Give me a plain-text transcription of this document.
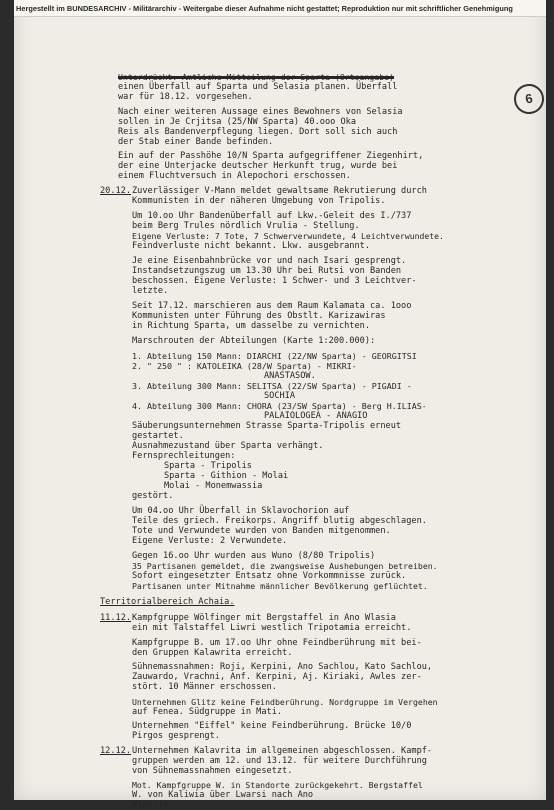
Hergestellt im BUNDESARCHIV - Militärarchiv - Weitergabe dieser Aufnahme nicht gestattet; Reproduktion nur mit schriftlicher Genehmigung
6
Unterdrückt: Amtliche Mitteilung der Sparta (Ortsangabe)
einen Überfall auf Sparta und Selasia planen. Überfall
war für 18.12. vorgesehen.
Nach einer weiteren Aussage eines Bewohners von Selasia
sollen in Je Crjitsa (25/NW Sparta) 40.ooo Oka
Reis als Bandenverpflegung liegen. Dort soll sich auch
der Stab einer Bande befinden.
Ein auf der Passhöhe 10/N Sparta aufgegriffener Ziegenhirt,
der eine Unterjacke deutscher Herkunft trug, wurde bei
einem Fluchtversuch in Alepochori erschossen.
20.12. Zuverlässiger V-Mann meldet gewaltsame Rekrutierung durch
Kommunisten in der näheren Umgebung von Tripolis.
Um 10.oo Uhr Bandenüberfall auf Lkw.-Geleit des I./737
beim Berg Trules nördlich Vrulia - Stellung.
Eigene Verluste: 7 Tote, 7 Schwerverwundete, 4 Leichtverwundete.
Feindverluste nicht bekannt. Lkw. ausgebrannt.
Je eine Eisenbahnbrücke vor und nach Isari gesprengt.
Instandsetzungszug um 13.30 Uhr bei Rutsi von Banden
beschossen. Eigene Verluste: 1 Schwer- und 3 Leichtver-
letzte.
Seit 17.12. marschieren aus dem Raum Kalamata ca. 1ooo
Kommunisten unter Führung des Obstlt. Karizawiras
in Richtung Sparta, um dasselbe zu vernichten.
Marschrouten der Abteilungen (Karte 1:200.000):
1. Abteilung 150 Mann: DIARCHI (22/NW Sparta) - GEORGITSI
2. " 250 " : KATOLEIKA (28/W Sparta) - MIKRI-
ANASTASOW.
3. Abteilung 300 Mann: SELITSA (22/SW Sparta) - PIGADI -
SOCHIA
4. Abteilung 300 Mann: CHORA (23/SW Sparta) - Berg H.ILIAS-
PALAIOLOGEA - ANAGIO
Säuberungsunternehmen Strasse Sparta-Tripolis erneut
gestartet.
Ausnahmezustand über Sparta verhängt.
Fernsprechleitungen:
Sparta - Tripolis
Sparta - Githion - Molai
Molai - Monemwassia
gestört.
Um 04.oo Uhr Überfall in Sklavochorion auf
Teile des griech. Freikorps. Angriff blutig abgeschlagen.
Tote und Verwundete wurden von Banden mitgenommen.
Eigene Verluste: 2 Verwundete.
Gegen 16.oo Uhr wurden aus Wuno (8/80 Tripolis)
35 Partisanen gemeldet, die zwangsweise Aushebungen betreiben.
Sofort eingesetzter Entsatz ohne Vorkommnisse zurück.
Partisanen unter Mitnahme männlicher Bevölkerung geflüchtet.
Territorialbereich Achaia.
11.12. Kampfgruppe Wölfinger mit Bergstaffel in Ano Wlasia
ein mit Talstaffel Liwri westlich Tripotamia erreicht.
Kampfgruppe B. um 17.oo Uhr ohne Feindberührung mit bei-
den Gruppen Kalawrita erreicht.
Sühnemassnahmen: Roji, Kerpini, Ano Sachlou, Kato Sachlou,
Zauwardo, Vrachni, Anf. Kerpini, Aj. Kiriaki, Awles zer-
stört. 10 Männer erschossen.
Unternehmen Glitz keine Feindberührung. Nordgruppe im Vergehen
auf Fenea. Südgruppe in Mati.
Unternehmen "Eiffel" keine Feindberührung. Brücke 10/0
Pirgos gesprengt.
12.12. Unternehmen Kalavrita im allgemeinen abgeschlossen. Kampf-
gruppen werden am 12. und 13.12. für weitere Durchführung
von Sühnemassnahmen eingesetzt.
Mot. Kampfgruppe W. in Standorte zurückgekehrt. Bergstaffel
W. von Kaliwia über Lwarsi nach Ano
Wlassia.
